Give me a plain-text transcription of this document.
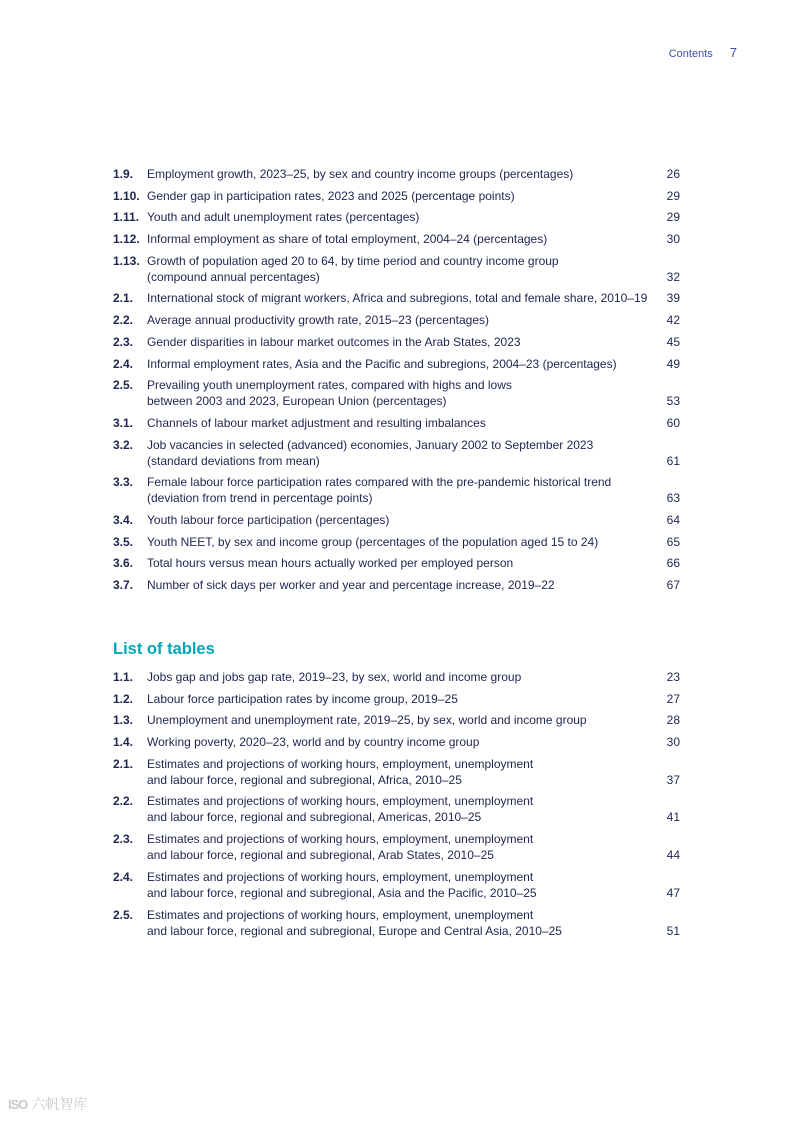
Contents 7
1.9.	Employment growth, 2023–25, by sex and country income groups (percentages)	26
1.10. Gender gap in participation rates, 2023 and 2025 (percentage points)	29
1.11. Youth and adult unemployment rates (percentages)	29
1.12. Informal employment as share of total employment, 2004–24 (percentages)	30
1.13. Growth of population aged 20 to 64, by time period and country income group
(compound annual percentages)	32
2.1.	International stock of migrant workers, Africa and subregions, total and female share, 2010–19	39
2.2.	Average annual productivity growth rate, 2015–23 (percentages)	42
2.3.	Gender disparities in labour market outcomes in the Arab States, 2023	45
2.4.	Informal employment rates, Asia and the Pacific and subregions, 2004–23 (percentages)	49
2.5.	Prevailing youth unemployment rates, compared with highs and lows
between 2003 and 2023, European Union (percentages)	53
3.1.	Channels of labour market adjustment and resulting imbalances	60
3.2.	Job vacancies in selected (advanced) economies, January 2002 to September 2023
(standard deviations from mean)	61
3.3.	Female labour force participation rates compared with the pre-pandemic historical trend
(deviation from trend in percentage points)	63
3.4.	Youth labour force participation (percentages)	64
3.5.	Youth NEET, by sex and income group (percentages of the population aged 15 to 24)	65
3.6.	Total hours versus mean hours actually worked per employed person	66
3.7.	Number of sick days per worker and year and percentage increase, 2019–22	67
List of tables
1.1.	Jobs gap and jobs gap rate, 2019–23, by sex, world and income group	23
1.2.	Labour force participation rates by income group, 2019–25	27
1.3.	Unemployment and unemployment rate, 2019–25, by sex, world and income group	28
1.4.	Working poverty, 2020–23, world and by country income group	30
2.1.	Estimates and projections of working hours, employment, unemployment
and labour force, regional and subregional, Africa, 2010–25	37
2.2.	Estimates and projections of working hours, employment, unemployment
and labour force, regional and subregional, Americas, 2010–25	41
2.3.	Estimates and projections of working hours, employment, unemployment
and labour force, regional and subregional, Arab States, 2010–25	44
2.4.	Estimates and projections of working hours, employment, unemployment
and labour force, regional and subregional, Asia and the Pacific, 2010–25	47
2.5.	Estimates and projections of working hours, employment, unemployment
and labour force, regional and subregional, Europe and Central Asia, 2010–25	51
lSO 六帆智库
